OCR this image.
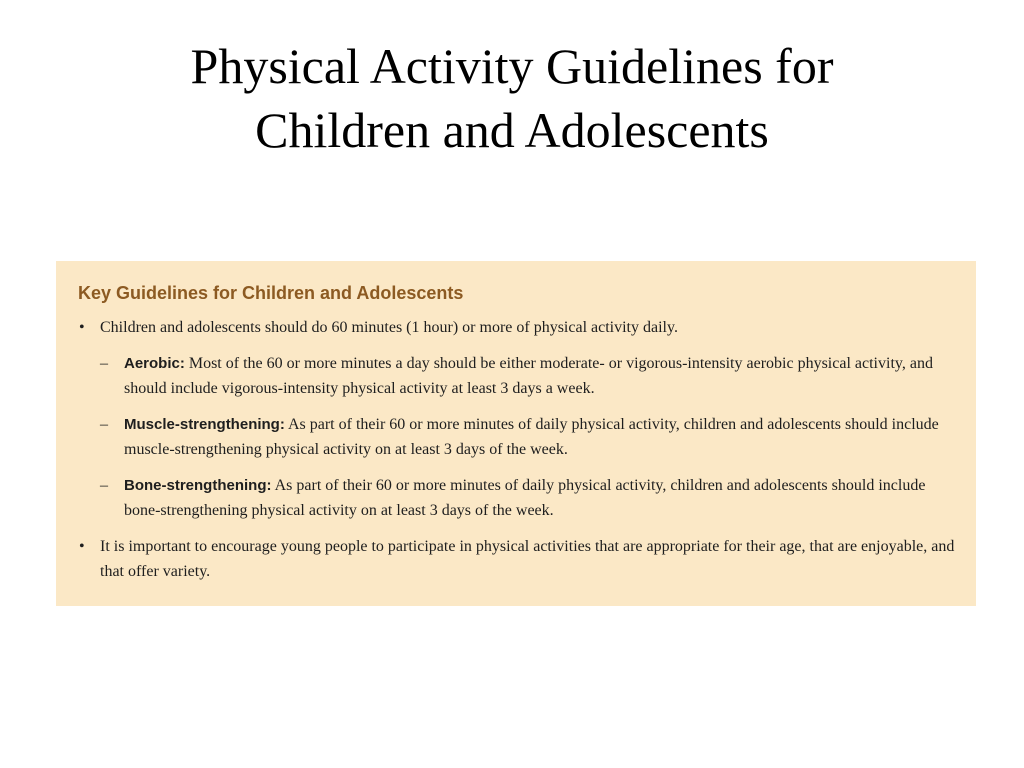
Physical Activity Guidelines for
Children and Adolescents
Key Guidelines for Children and Adolescents
• Children and adolescents should do 60 minutes (1 hour) or more of physical activity daily.
– Aerobic: Most of the 60 or more minutes a day should be either moderate- or vigorous-intensity aerobic physical activity, and should include vigorous-intensity physical activity at least 3 days a week.
– Muscle-strengthening: As part of their 60 or more minutes of daily physical activity, children and adolescents should include muscle-strengthening physical activity on at least 3 days of the week.
– Bone-strengthening: As part of their 60 or more minutes of daily physical activity, children and adolescents should include bone-strengthening physical activity on at least 3 days of the week.
• It is important to encourage young people to participate in physical activities that are appropriate for their age, that are enjoyable, and that offer variety.
